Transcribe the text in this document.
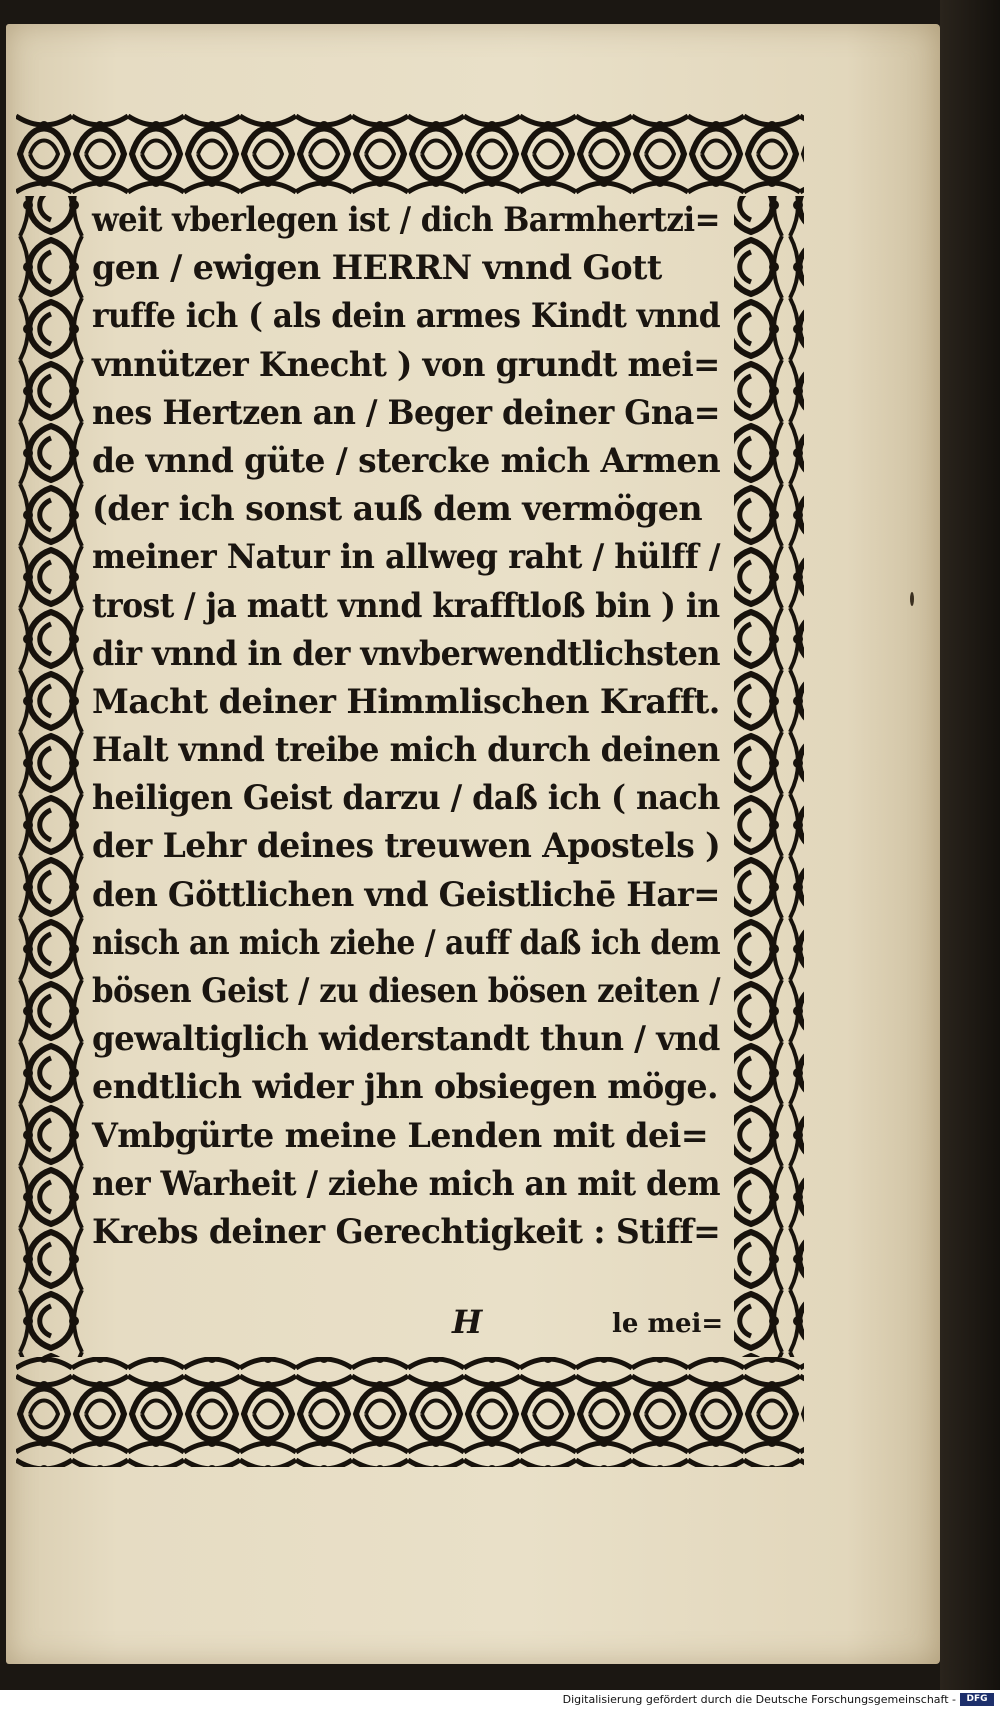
weit vberlegen ist / dich Barmhertzi=
gen / ewigen HERRN vnnd Gott
ruffe ich ( als dein armes Kindt vnnd
vnnützer Knecht ) von grundt mei=
nes Hertzen an / Beger deiner Gna=
de vnnd güte / stercke mich Armen
(der ich sonst auß dem vermögen
meiner Natur in allweg raht / hülff /
trost / ja matt vnnd krafftloß bin ) in
dir vnnd in der vnvberwendtlichsten
Macht deiner Himmlischen Krafft.
Halt vnnd treibe mich durch deinen
heiligen Geist darzu / daß ich ( nach
der Lehr deines treuwen Apostels )
den Göttlichen vnd Geistlichē Har=
nisch an mich ziehe / auff daß ich dem
bösen Geist / zu diesen bösen zeiten /
gewaltiglich widerstandt thun / vnd
endtlich wider jhn obsiegen möge.
Vmbgürte meine Lenden mit dei=
ner Warheit / ziehe mich an mit dem
Krebs deiner Gerechtigkeit : Stiff=
H	le mei=
Digitalisierung gefördert durch die Deutsche Forschungsgemeinschaft -	DFG
